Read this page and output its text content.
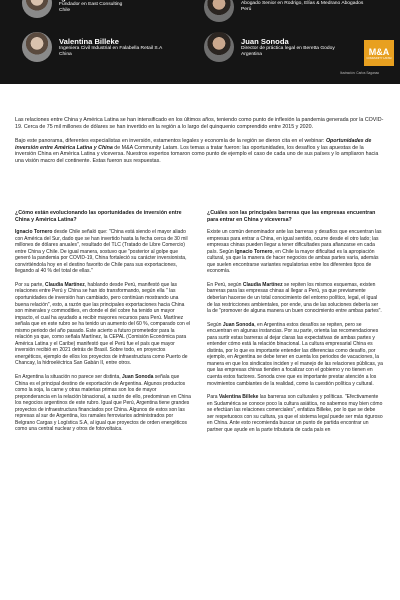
Fundador en East Consulting
Chile
Abogado Senior en Rodrigo, Elías & Medrano Abogados
Perú
Valentina Billeke
Ingeniera Civil Industrial en Falabella Retail S.A
China
Juan Sonoda
Director de práctica legal en Beretta Godoy
Argentina	M&A
COMMUNITY LATAM
Ilustración: Carlos Saganao

Las relaciones entre China y América Latina se han intensificado en los últimos años, teniendo como punto de inflexión la pandemia generada por la COVID-19. Cerca de 75 mil millones de dólares se han invertido en la región a lo largo del quinquenio comprendido entre 2015 y 2020.

Bajo este panorama, diferentes especialistas en inversión, estamentos legales y economía de la región se dieron cita en el webinar: Oportunidades de inversión entre América Latina y China de M&A Community Latam. Los temas a tratar fueron: las oportunidades, los desafíos y las apuestas de la inversión China en América Latina y viceversa. Nuestros expertos tomaron como punto de ejemplo el caso de cada uno de sus países y lo ampliaron hacia una visión macro del continente. Estas fueron sus respuestas.

¿Cómo están evolucionando las oportunidades de inversión entre China y América Latina?

Ignacio Tornero desde Chile señaló que: "China está siendo el mayor aliado con América del Sur, dado que se han invertido hasta la fecha cerca de 30 mil millones de dólares anuales", resultado del TLC (Tratado de Libre Comercio) entre China y Chile. De igual manera, sostuvo que "posterior al golpe que generó la pandemia por COVID-19, China fortaleció su carácter inversionista, convirtiéndola hoy en el destino favorito de Chile para sus exportaciones, llegando al 40 % del total de ellas."

Por su parte, Claudia Martínez, hablando desde Perú, manifestó que las relaciones entre Perú y China se han ido transformando, según ella " las oportunidades de inversión han cambiado, pero continúan mostrando una buena relación", esto, a razón que las principales exportaciones hacia China son minerales y commodities, en donde el del cobre ha tenido un mayor impacto, el cual ha ayudado a recibir mayores recursos para Perú. Martínez señala que en este rubro se ha tenido un aumento del 60 %, comparado con el mismo periodo del año pasado. Este acierto a futuro prometedor para la relación ya que, como señala Martínez, la CEPAL (Comisión Económica para América Latina y el Caribe) manifestó que el Perú fue el país que mayor inversión recibió en 2021 detrás de Brasil. Sobre todo, en proyectos energéticos, ejemplo de ellos los proyectos de infraestructura como Puerto de Chancay, la hidroeléctrica San Gabán II, entre otros.

En Argentina la situación no parece ser distinta, Juan Sonoda señala que China es el principal destino de exportación de Argentina. Algunos productos como la soja, la carne y otras materias primas son los de mayor preponderancia en la relación binacional, a razón de ello, predominan en China los negocios argentinos de este rubro. Igual que Perú, Argentina tiene grandes proyectos de infraestructura financiados por China. Algunos de estos son las represas al sur de Argentina, los ramales ferroviarios administrados por Belgrano Cargas y Logística S.A, al igual que proyectos de orden energéticos como una central nuclear y otros de fotovoltaica.

¿Cuáles son las principales barreras que las empresas encuentran para entrar en China y viceversa?

Existe un común denominador ante las barreras y desafíos que encuentran las empresas para entrar a China, en igual sentido, ocurre desde el otro lado; las empresas chinas pueden llegar a tener dificultades para afianzarse en cada país. Según Ignacio Tornero, en Chile la mayor dificultad es la apropiación cultural, ya que la manera de hacer negocios de ambas partes varía, además que suelen encontrarse variantes regulatorias entre los diferentes tipos de economía.

En Perú, según Claudia Martínez se repiten los mismos esquemas, existen barreras para las empresas chinas al llegar a Perú, ya que previamente deberían hacerse de un total conocimiento del entorno político, legal, el igual de las restricciones ambientales, por ende, una de las soluciones debería ser la de "promover de alguna manera un buen conocimiento entre ambas partes".

Según Juan Sonoda, en Argentina estos desafíos se repiten, pero se encuentran en algunas instancias. Por su parte, orienta las recomendaciones para surtir estas barreras al dejar claras las expectativas de ambas partes y entender cómo está la relación binacional. La cultura empresarial China es distinta, por lo que es importante entender las diferencias como desafío, por ejemplo, en Argentina se debe tener en cuenta los periodos de vacaciones, la manera en que los sindicatos inciden y el manejo de las relaciones públicas, ya que las empresas chinas tienden a focalizar con el gobierno y no tienen en cuenta estos factores. Sonoda cree que es importante prestar atención a los movimientos cambiantes de la realidad, como la cuestión política y cultural.

Para Valentina Billeke las barreras son culturales y políticas. "Efectivamente en Sudamérica se conoce poco la cultura asiática, no sabemos muy bien cómo se efectúan las relaciones comerciales", enfatiza Billeke, por lo que se debe ser respetuosos con su cultura, ya que el sistema legal puede ser más riguroso en China. Ante esto recomienda buscar un punto de partida encontrar un partner que ayude en la parte tributaria de cada país en
